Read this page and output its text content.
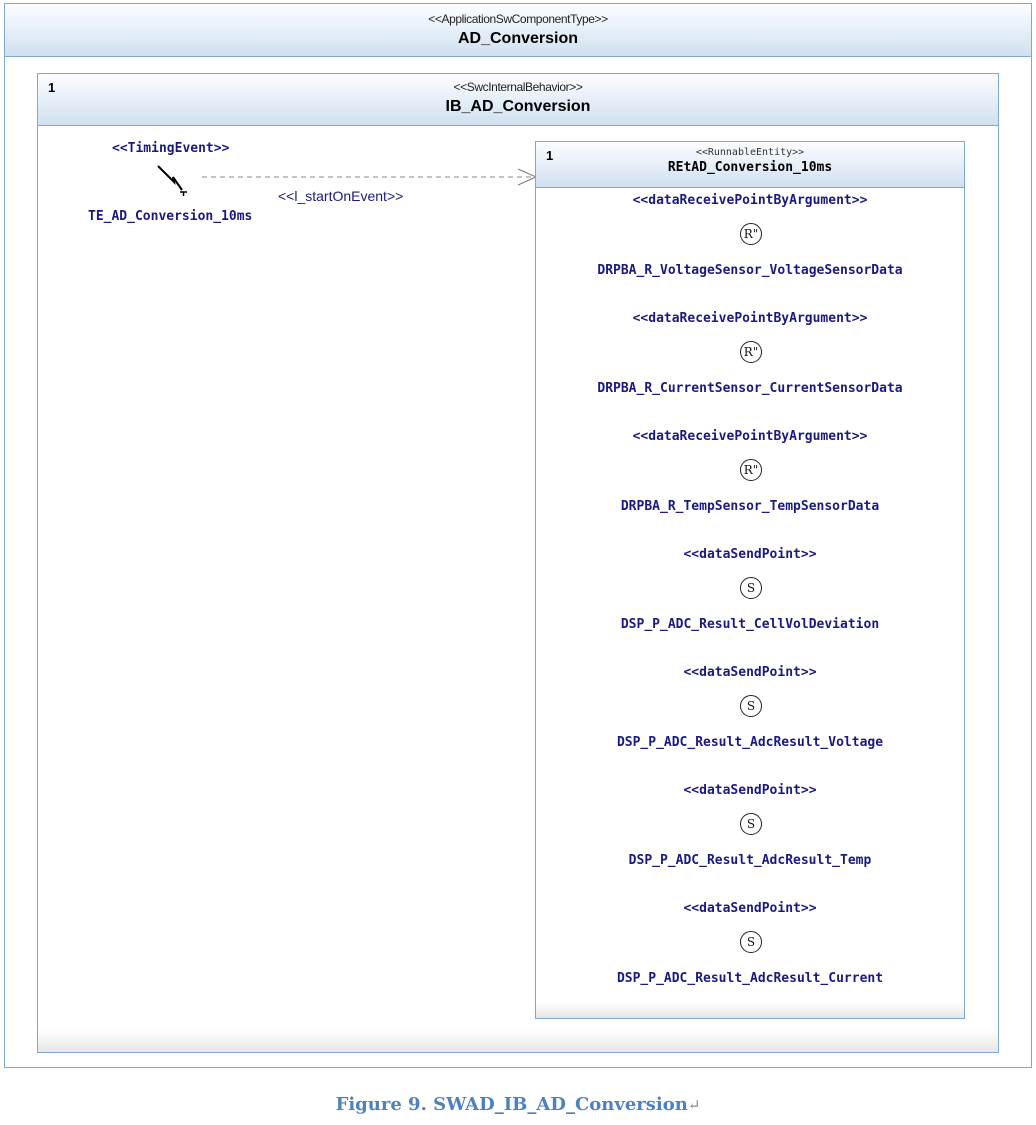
<<ApplicationSwComponentType>>
AD_Conversion
1	<<SwcInternalBehavior>>
IB_AD_Conversion
<<TimingEvent>>
TE_AD_Conversion_10ms
<<l_startOnEvent>>
1	<<RunnableEntity>>
REtAD_Conversion_10ms
<<dataReceivePointByArgument>>
R"
DRPBA_R_VoltageSensor_VoltageSensorData
<<dataReceivePointByArgument>>
R"
DRPBA_R_CurrentSensor_CurrentSensorData
<<dataReceivePointByArgument>>
R"
DRPBA_R_TempSensor_TempSensorData
<<dataSendPoint>>
S
DSP_P_ADC_Result_CellVolDeviation
<<dataSendPoint>>
S
DSP_P_ADC_Result_AdcResult_Voltage
<<dataSendPoint>>
S
DSP_P_ADC_Result_AdcResult_Temp
<<dataSendPoint>>
S
DSP_P_ADC_Result_AdcResult_Current
Figure 9. SWAD_IB_AD_Conversion↵
